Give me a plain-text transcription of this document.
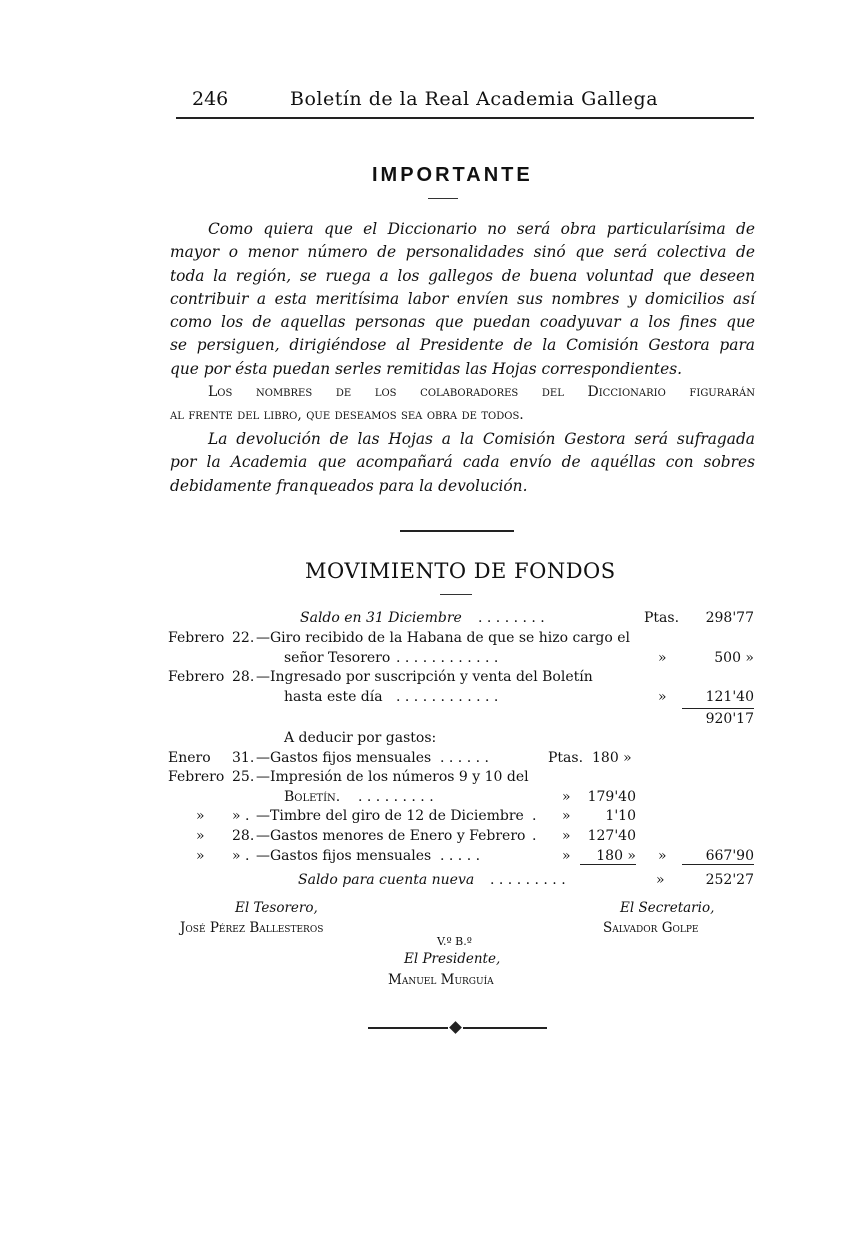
246	Boletín de la Real Academia Gallega
IMPORTANTE

Como quiera que el Diccionario no será obra particularísima de

mayor o menor número de personalidades sinó que será colectiva de

toda la región, se ruega a los gallegos de buena voluntad que deseen

contribuir a esta meritísima labor envíen sus nombres y domicilios así

como los de aquellas personas que puedan coadyuvar a los fines que

se persiguen, dirigiéndose al Presidente de la Comisión Gestora para

que por ésta puedan serles remitidas las Hojas correspondientes.

Los nombres de los colaboradores del Diccionario figurarán

al frente del libro, que deseamos sea obra de todos.

La devolución de las Hojas a la Comisión Gestora será sufragada

por la Academia que acompañará cada envío de aquéllas con sobres

debidamente franqueados para la devolución.

MOVIMIENTO DE FONDOS
Saldo en 31 Diciembre . . . . . . . .	Ptas.	298'77
Febrero 22. —Giro recibido de la Habana de que se hizo cargo el
señor Tesorero . . . . . . . . . . . .	»	500 »
Febrero 28. —Ingresado por suscripción y venta del Boletín
hasta este día . . . . . . . . . . . .	»	121'40
920'17
A deducir por gastos:
Enero 31. —Gastos fijos mensuales . . . . . .	Ptas. 180 »
Febrero 25. —Impresión de los números 9 y 10 del
Boletín. . . . . . . . . .	»	179'40
» » . —Timbre del giro de 12 de Diciembre . »	1'10
» 28. —Gastos menores de Enero y Febrero . »	127'40
» » . —Gastos fijos mensuales . . . . .	»	180 » »	667'90
Saldo para cuenta nueva . . . . . . . . .	»	252'27
El Tesorero,
José Pérez Ballesteros
El Secretario,
Salvador Golpe
V.º B.º
El Presidente,
Manuel Murguía
